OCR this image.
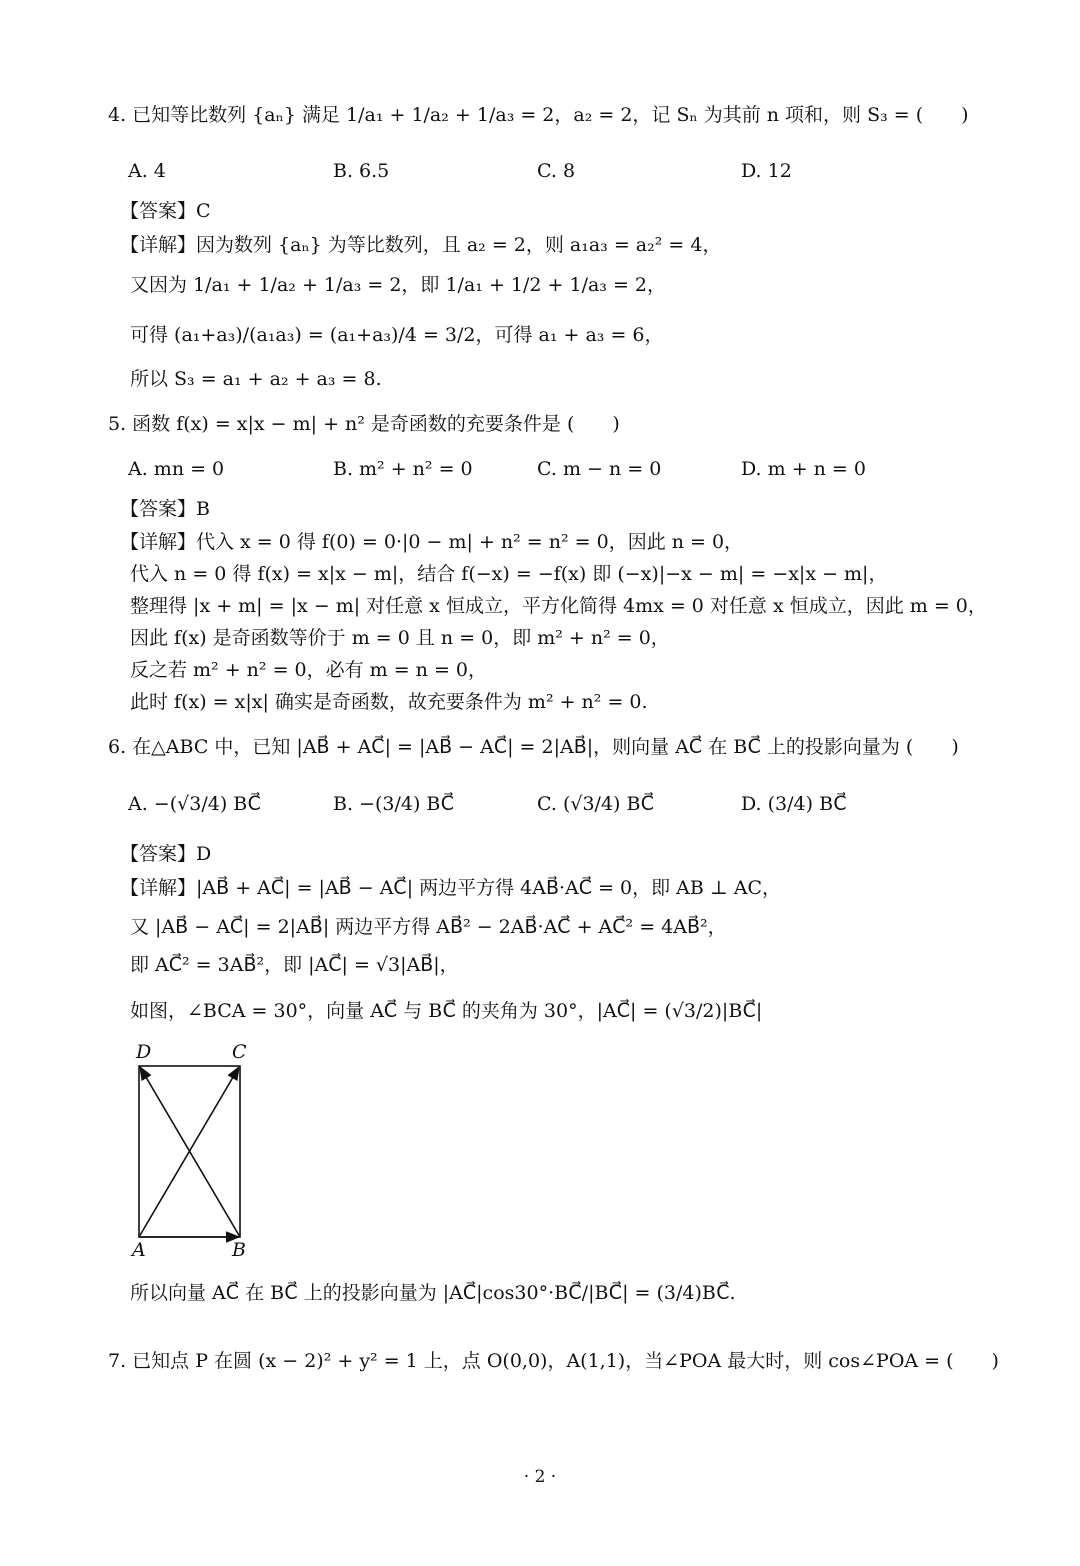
4. 已知等比数列 {aₙ} 满足 1/a₁ + 1/a₂ + 1/a₃ = 2，a₂ = 2，记 Sₙ 为其前 n 项和，则 S₃ = (　　)
A. 4	B. 6.5	C. 8	D. 12
【答案】C
【详解】因为数列 {aₙ} 为等比数列，且 a₂ = 2，则 a₁a₃ = a₂² = 4，
又因为 1/a₁ + 1/a₂ + 1/a₃ = 2，即 1/a₁ + 1/2 + 1/a₃ = 2，
可得 (a₁+a₃)/(a₁a₃) = (a₁+a₃)/4 = 3/2，可得 a₁ + a₃ = 6，
所以 S₃ = a₁ + a₂ + a₃ = 8.
5. 函数 f(x) = x|x − m| + n² 是奇函数的充要条件是 (　　)
A. mn = 0	B. m² + n² = 0	C. m − n = 0	D. m + n = 0
【答案】B
【详解】代入 x = 0 得 f(0) = 0·|0 − m| + n² = n² = 0，因此 n = 0，
代入 n = 0 得 f(x) = x|x − m|，结合 f(−x) = −f(x) 即 (−x)|−x − m| = −x|x − m|，
整理得 |x + m| = |x − m| 对任意 x 恒成立，平方化简得 4mx = 0 对任意 x 恒成立，因此 m = 0，
因此 f(x) 是奇函数等价于 m = 0 且 n = 0，即 m² + n² = 0，
反之若 m² + n² = 0，必有 m = n = 0，
此时 f(x) = x|x| 确实是奇函数，故充要条件为 m² + n² = 0.
6. 在△ABC 中，已知 |AB⃗ + AC⃗| = |AB⃗ − AC⃗| = 2|AB⃗|，则向量 AC⃗ 在 BC⃗ 上的投影向量为 (　　)
A. −(√3/4) BC⃗	B. −(3/4) BC⃗	C. (√3/4) BC⃗	D. (3/4) BC⃗
【答案】D
【详解】|AB⃗ + AC⃗| = |AB⃗ − AC⃗| 两边平方得 4AB⃗·AC⃗ = 0，即 AB ⊥ AC，
又 |AB⃗ − AC⃗| = 2|AB⃗| 两边平方得 AB⃗² − 2AB⃗·AC⃗ + AC⃗² = 4AB⃗²，
即 AC⃗² = 3AB⃗²，即 |AC⃗| = √3|AB⃗|，
如图，∠BCA = 30°，向量 AC⃗ 与 BC⃗ 的夹角为 30°，|AC⃗| = (√3/2)|BC⃗|
D	C
A	B
所以向量 AC⃗ 在 BC⃗ 上的投影向量为 |AC⃗|cos30°·BC⃗/|BC⃗| = (3/4)BC⃗.
7. 已知点 P 在圆 (x − 2)² + y² = 1 上，点 O(0,0)，A(1,1)，当∠POA 最大时，则 cos∠POA = (　　)
· 2 ·
